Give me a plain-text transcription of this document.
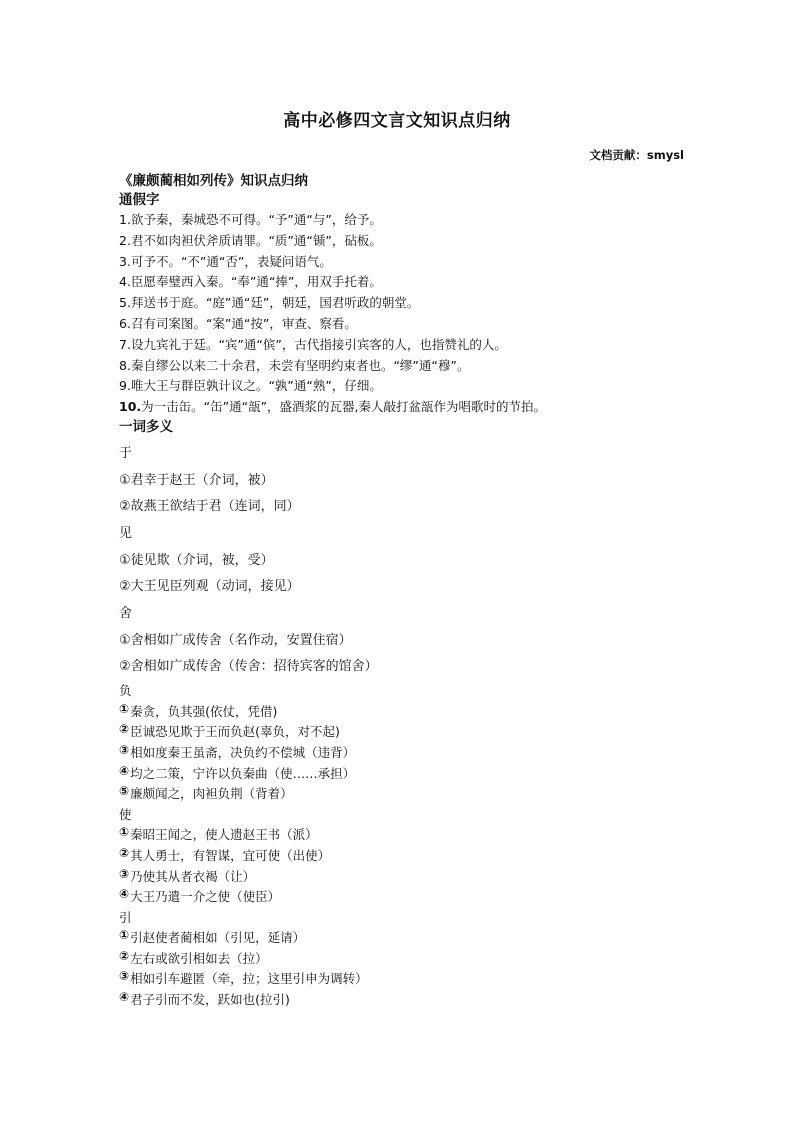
高中必修四文言文知识点归纳
文档贡献：smysl
《廉颇蔺相如列传》知识点归纳
通假字
1.欲予秦，秦城恐不可得。“予”通“与”，给予。
2.君不如肉袒伏斧质请罪。“质”通“锧”，砧板。
3.可予不。“不”通“否”，表疑问语气。
4.臣愿奉璧西入秦。“奉”通“捧”，用双手托着。
5.拜送书于庭。“庭”通“廷”，朝廷，国君听政的朝堂。
6.召有司案图。“案”通“按”，审查、察看。
7.设九宾礼于廷。“宾”通“傧”，古代指接引宾客的人，也指赞礼的人。
8.秦自缪公以来二十余君，未尝有坚明约束者也。“缪”通“穆”。
9.唯大王与群臣孰计议之。“孰”通“熟”，仔细。
10.为一击缶。“缶”通“瓿”，盛酒浆的瓦器,秦人敲打盆瓿作为唱歌时的节拍。
一词多义
于
①君幸于赵王（介词，被）
②故燕王欲结于君（连词，同）
见
①徒见欺（介词，被，受）
②大王见臣列观（动词，接见）
舍
①舍相如广成传舍（名作动，安置住宿）
②舍相如广成传舍（传舍：招待宾客的馆舍）
负
①秦贪，负其强(依仗，凭借)
②臣诚恐见欺于王而负赵(辜负，对不起)
③相如度秦王虽斋，决负约不偿城（违背）
④均之二策，宁许以负秦曲（使……承担）
⑤廉颇闻之，肉袒负荆（背着）
使
①秦昭王闻之，使人遗赵王书（派）
②其人勇士，有智谋，宜可使（出使）
③乃使其从者衣褐（让）
④大王乃遣一介之使（使臣）
引
①引赵使者蔺相如（引见，延请）
②左右或欲引相如去（拉）
③相如引车避匿（牵，拉；这里引申为调转）
④君子引而不发，跃如也(拉引)
